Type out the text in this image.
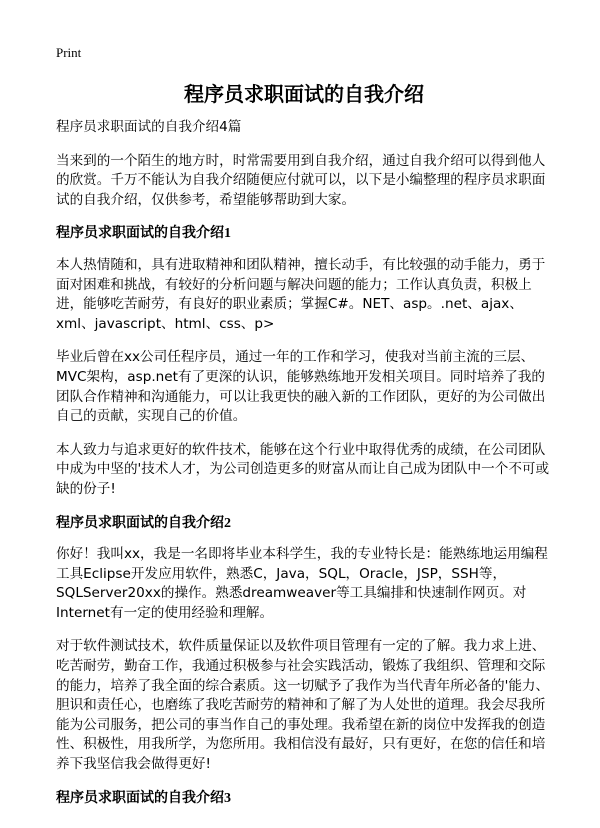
Print
程序员求职面试的自我介绍

程序员求职面试的自我介绍4篇

当来到的一个陌生的地方时，时常需要用到自我介绍，通过自我介绍可以得到他人的欣赏。千万不能认为自我介绍随便应付就可以，以下是小编整理的程序员求职面试的自我介绍，仅供参考，希望能够帮助到大家。

程序员求职面试的自我介绍1

本人热情随和，具有进取精神和团队精神，擅长动手，有比较强的动手能力，勇于面对困难和挑战，有较好的分析问题与解决问题的能力；工作认真负责，积极上进，能够吃苦耐劳，有良好的职业素质；掌握C#。NET、asp。.net、ajax、xml、javascript、html、css、p>

毕业后曾在xx公司任程序员，通过一年的工作和学习，使我对当前主流的三层、MVC架构，asp.net有了更深的认识，能够熟练地开发相关项目。同时培养了我的团队合作精神和沟通能力，可以让我更快的融入新的工作团队，更好的为公司做出自己的贡献，实现自己的价值。

本人致力与追求更好的软件技术，能够在这个行业中取得优秀的成绩，在公司团队中成为中坚的'技术人才，为公司创造更多的财富从而让自己成为团队中一个不可或缺的份子!

程序员求职面试的自我介绍2

你好！我叫xx，我是一名即将毕业本科学生，我的专业特长是：能熟练地运用编程工具Eclipse开发应用软件，熟悉C，Java，SQL，Oracle，JSP，SSH等，SQLServer20xx的操作。熟悉dreamweaver等工具编排和快速制作网页。对Internet有一定的使用经验和理解。

对于软件测试技术，软件质量保证以及软件项目管理有一定的了解。我力求上进、吃苦耐劳，勤奋工作，我通过积极参与社会实践活动，锻炼了我组织、管理和交际的能力，培养了我全面的综合素质。这一切赋予了我作为当代青年所必备的'能力、胆识和责任心，也磨练了我吃苦耐劳的精神和了解了为人处世的道理。我会尽我所能为公司服务，把公司的事当作自己的事处理。我希望在新的岗位中发挥我的创造性、积极性，用我所学，为您所用。我相信没有最好，只有更好，在您的信任和培养下我坚信我会做得更好!

程序员求职面试的自我介绍3
